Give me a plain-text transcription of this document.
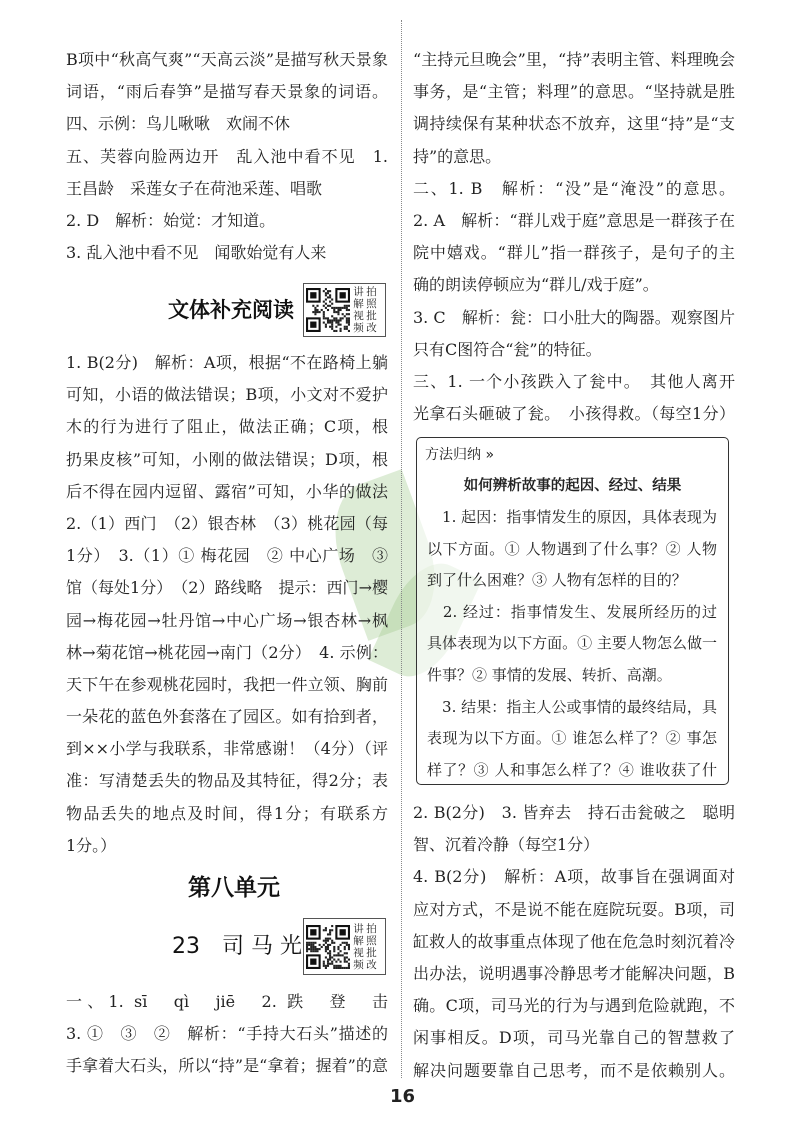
B项中“秋高气爽”“天高云淡”是描写秋天景象
词语，“雨后春笋”是描写春天景象的词语。
四、示例：鸟儿啾啾　欢闹不休
五、芙蓉向脸两边开　乱入池中看不见　1.
王昌龄　采莲女子在荷池采莲、唱歌
2. D　解析：始觉：才知道。
3. 乱入池中看不见　闻歌始觉有人来
文体补充阅读
讲解视频
拍照批改
1. B(2分)　解析：A项，根据“不在路椅上躺
可知，小语的做法错误；B项，小文对不爱护
木的行为进行了阻止，做法正确；C项，根
扔果皮核”可知，小刚的做法错误；D项，根
后不得在园内逗留、露宿”可知，小华的做法
2.（1）西门　（2）银杏林　（3）桃花园（每
1分）　3.（1）① 梅花园　② 中心广场　③
馆（每处1分）　（2）路线略　提示：西门→樱
园→梅花园→牡丹馆→中心广场→银杏林→枫
林→菊花馆→桃花园→南门（2分）　4. 示例：
天下午在参观桃花园时，我把一件立领、胸前
一朵花的蓝色外套落在了园区。如有拾到者，
到××小学与我联系，非常感谢！（4分）（评
准：写清楚丢失的物品及其特征，得2分；表
物品丢失的地点及时间，得1分；有联系方
1分。）
第八单元
23　司 马 光
讲解视频
拍照批改
一、1. sī　qì　jiē　2. 跌　登　击
3. ①　③　②　解析：“手持大石头”描述的
手拿着大石头，所以“持”是“拿着；握着”的意
“主持元旦晚会”里，“持”表明主管、料理晚会
事务，是“主管；料理”的意思。“坚持就是胜
调持续保有某种状态不放弃，这里“持”是“支
持”的意思。
二、1. B　解析：“没”是“淹没”的意思。
2. A　解析：“群儿戏于庭”意思是一群孩子在
院中嬉戏。“群儿”指一群孩子，是句子的主
确的朗读停顿应为“群儿/戏于庭”。
3. C　解析：瓮：口小肚大的陶器。观察图片
只有C图符合“瓮”的特征。
三、1. 一个小孩跌入了瓮中。　其他人离开
光拿石头砸破了瓮。　小孩得救。（每空1分）
方法归纳 »
如何辨析故事的起因、经过、结果
　1. 起因：指事情发生的原因，具体表现为
以下方面。① 人物遇到了什么事？② 人物
到了什么困难？③ 人物有怎样的目的？
　2. 经过：指事情发生、发展所经历的过
具体表现为以下方面。① 主要人物怎么做一
件事？② 事情的发展、转折、高潮。
　3. 结果：指主人公或事情的最终结局，具
表现为以下方面。① 谁怎么样了？② 事怎
样了？③ 人和事怎么样了？④ 谁收获了什
2. B(2分)　3. 皆弃去　持石击瓮破之　聪明
智、沉着冷静（每空1分）
4. B(2分)　解析：A项，故事旨在强调面对
应对方式，不是说不能在庭院玩耍。B项，司
缸救人的故事重点体现了他在危急时刻沉着冷
出办法，说明遇事冷静思考才能解决问题，B
确。C项，司马光的行为与遇到危险就跑，不
闲事相反。D项，司马光靠自己的智慧救了
解决问题要靠自己思考，而不是依赖别人。
16
